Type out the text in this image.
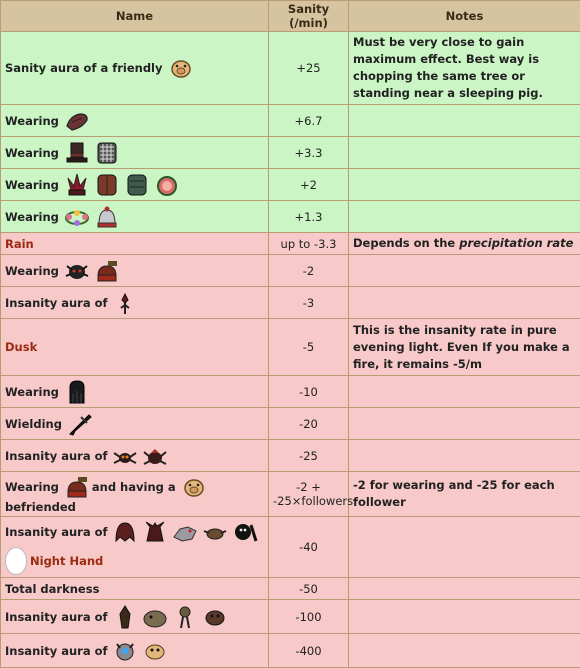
Name	Sanity (/min)	Notes

Sanity aura of a friendly	+25	Must be very close to gain maximum effect. Best way is chopping the same tree or standing near a sleeping pig.

Wearing	+6.7	

Wearing	+3.3	

Wearing	+2	

Wearing	+1.3	
Rain	up to -3.3	Depends on the precipitation rate

Wearing	-2	

Insanity aura of	-3	
Dusk	-5	This is the insanity rate in pure evening light. Even If you make a fire, it remains -5/m

Wearing	-10	

Wielding	-20	

Insanity aura of	-25	

Wearing and having a
befriended	-2 + -25×followers	-2 for wearing and -25 for each follower

Insanity aura of
Night Hand	-40	
Total darkness	-50	

Insanity aura of	-100	

Insanity aura of	-400	
